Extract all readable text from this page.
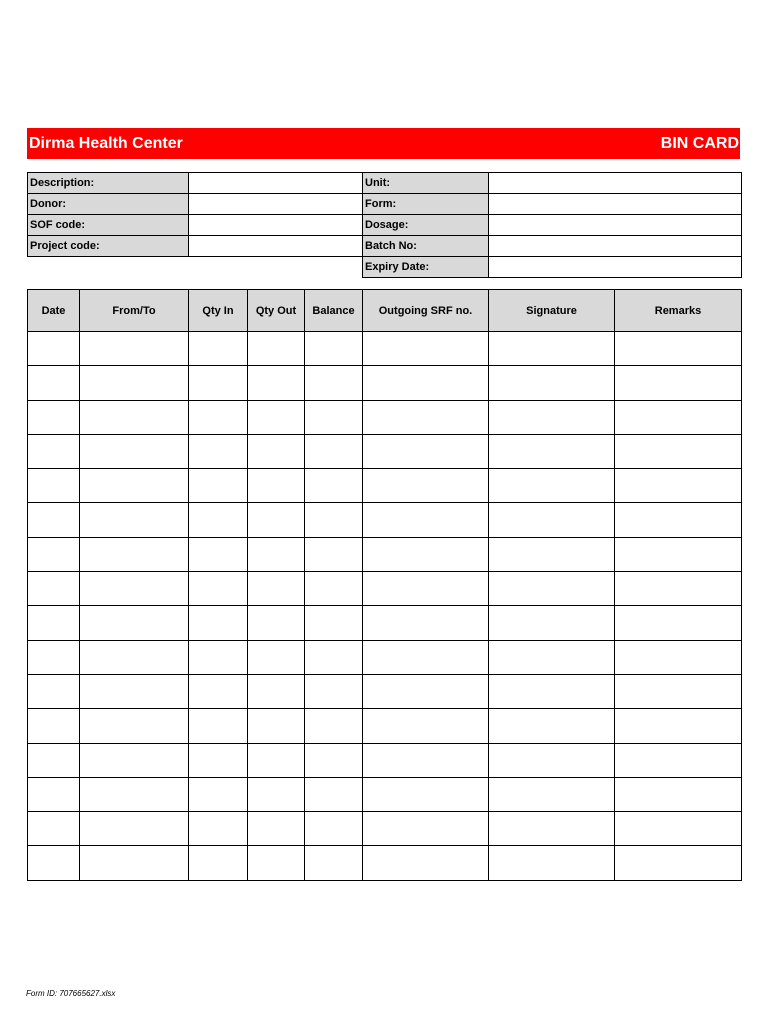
Dirma Health Center	BIN CARD
Description:		Unit:	
Donor:		Form:	
SOF code:		Dosage:	
Project code:		Batch No:	
		Expiry Date:	
Date	From/To	Qty In	Qty Out	Balance	Outgoing SRF no.	Signature	Remarks

Form ID: 707665627.xlsx
